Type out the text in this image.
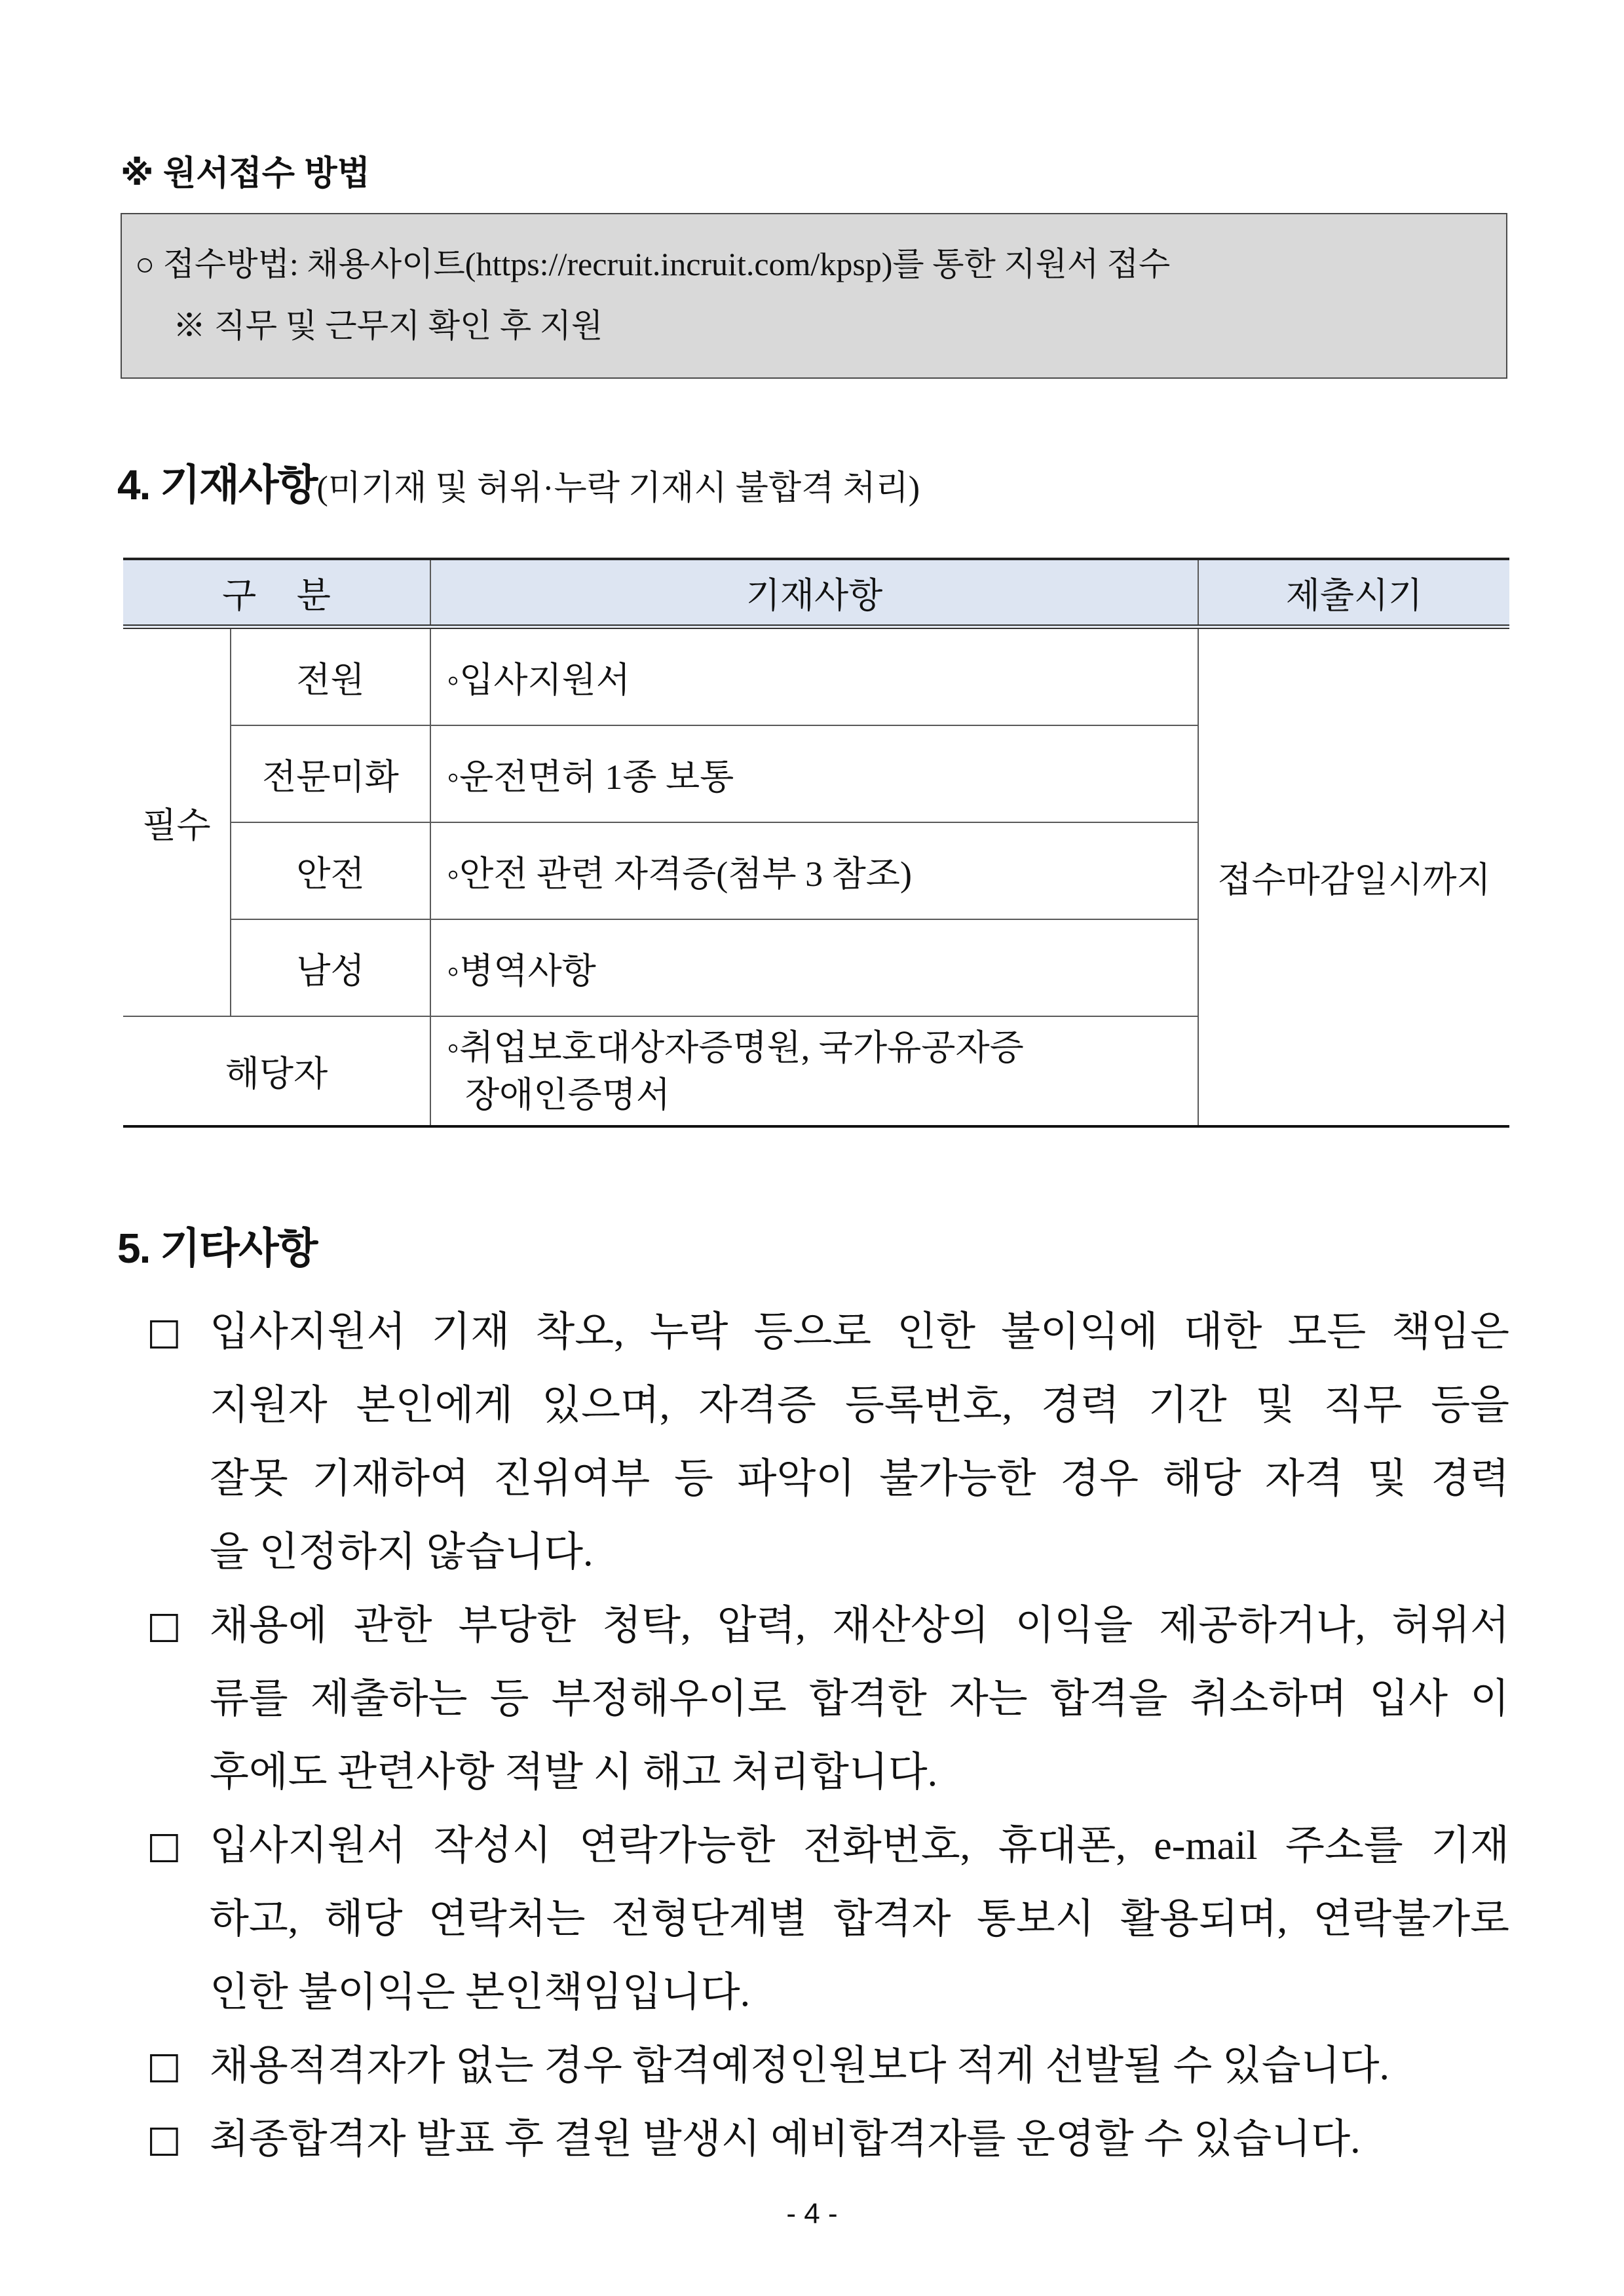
※ 원서접수 방법
○ 접수방법: 채용사이트(https://recruit.incruit.com/kpsp)를 통한 지원서 접수
※ 직무 및 근무지 확인 후 지원
4. 기재사항(미기재 및 허위·누락 기재시 불합격 처리)
구 분		기재사항	제출시기
필수	전원	◦입사지원서	접수마감일시까지
	전문미화	◦운전면허 1종 보통	
	안전	◦안전 관련 자격증(첨부 3 참조)	
	남성	◦병역사항	
해당자		◦취업보호대상자증명원, 국가유공자증
장애인증명서	
5. 기타사항
□ 입사지원서 기재 착오, 누락 등으로 인한 불이익에 대한 모든 책임은
지원자 본인에게 있으며, 자격증 등록번호, 경력 기간 및 직무 등을
잘못 기재하여 진위여부 등 파악이 불가능한 경우 해당 자격 및 경력
을 인정하지 않습니다.
□ 채용에 관한 부당한 청탁, 압력, 재산상의 이익을 제공하거나, 허위서
류를 제출하는 등 부정해우이로 합격한 자는 합격을 취소하며 입사 이
후에도 관련사항 적발 시 해고 처리합니다.
□ 입사지원서 작성시 연락가능한 전화번호, 휴대폰, e-mail 주소를 기재
하고, 해당 연락처는 전형단계별 합격자 통보시 활용되며, 연락불가로
인한 불이익은 본인책임입니다.
□ 채용적격자가 없는 경우 합격예정인원보다 적게 선발될 수 있습니다.
□ 최종합격자 발표 후 결원 발생시 예비합격자를 운영할 수 있습니다.
- 4 -
